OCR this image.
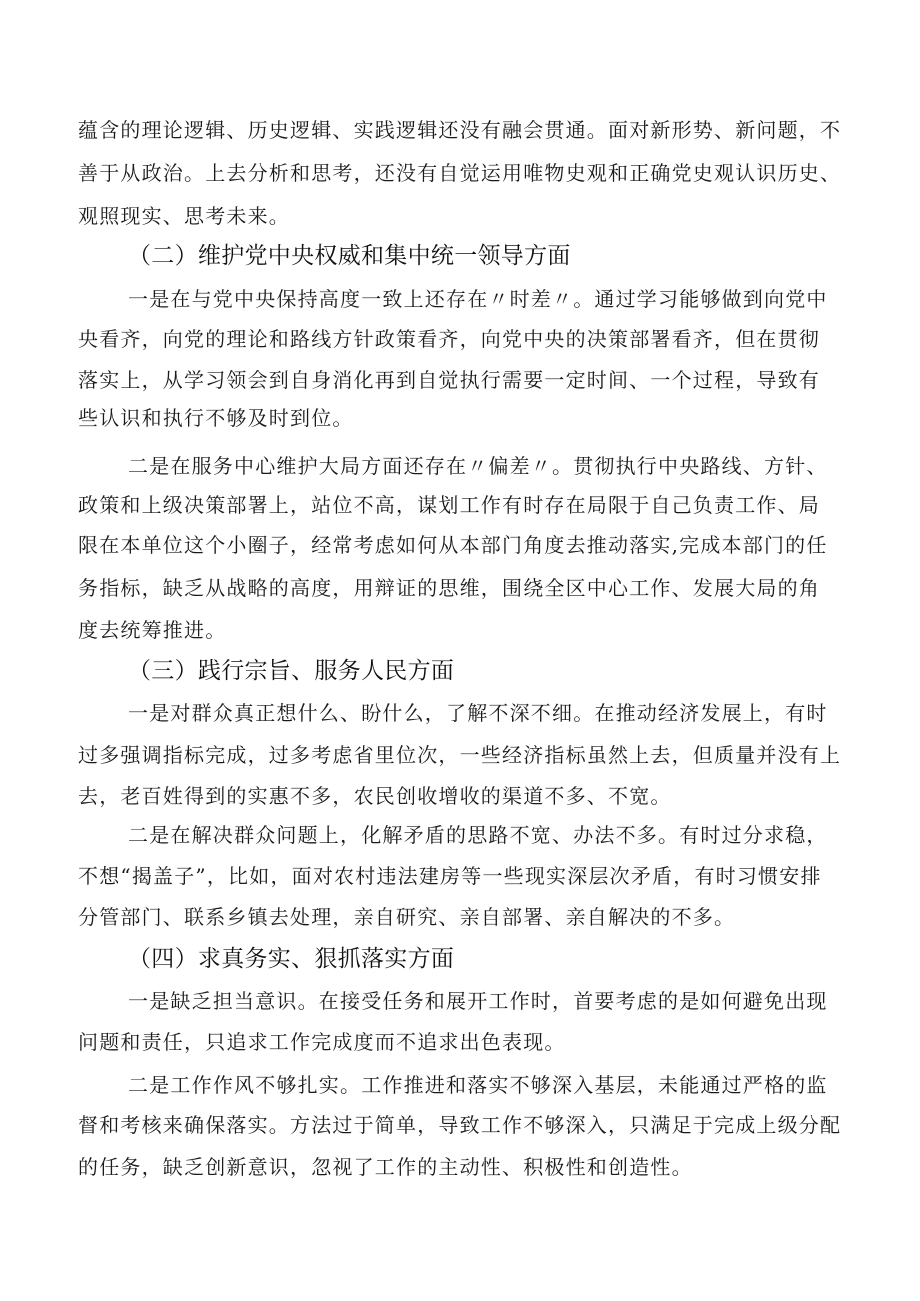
蕴含的理论逻辑、历史逻辑、实践逻辑还没有融会贯通。面对新形势、新问题，不
善于从政治。上去分析和思考，还没有自觉运用唯物史观和正确党史观认识历史、
观照现实、思考未来。
（二）维护党中央权威和集中统一领导方面
一是在与党中央保持高度一致上还存在〃时差〃。通过学习能够做到向党中
央看齐，向党的理论和路线方针政策看齐，向党中央的决策部署看齐，但在贯彻
落实上，从学习领会到自身消化再到自觉执行需要一定时间、一个过程，导致有
些认识和执行不够及时到位。
二是在服务中心维护大局方面还存在〃偏差〃。贯彻执行中央路线、方针、
政策和上级决策部署上，站位不高，谋划工作有时存在局限于自己负责工作、局
限在本单位这个小圈子，经常考虑如何从本部门角度去推动落实,完成本部门的任
务指标，缺乏从战略的高度，用辩证的思维，围绕全区中心工作、发展大局的角
度去统筹推进。
（三）践行宗旨、服务人民方面
一是对群众真正想什么、盼什么，了解不深不细。在推动经济发展上，有时
过多强调指标完成，过多考虑省里位次，一些经济指标虽然上去，但质量并没有上
去，老百姓得到的实惠不多，农民创收增收的渠道不多、不宽。
二是在解决群众问题上，化解矛盾的思路不宽、办法不多。有时过分求稳，
不想“揭盖子”，比如，面对农村违法建房等一些现实深层次矛盾，有时习惯安排
分管部门、联系乡镇去处理，亲自研究、亲自部署、亲自解决的不多。
（四）求真务实、狠抓落实方面
一是缺乏担当意识。在接受任务和展开工作时，首要考虑的是如何避免出现
问题和责任，只追求工作完成度而不追求出色表现。
二是工作作风不够扎实。工作推进和落实不够深入基层，未能通过严格的监
督和考核来确保落实。方法过于简单，导致工作不够深入，只满足于完成上级分配
的任务，缺乏创新意识，忽视了工作的主动性、积极性和创造性。
